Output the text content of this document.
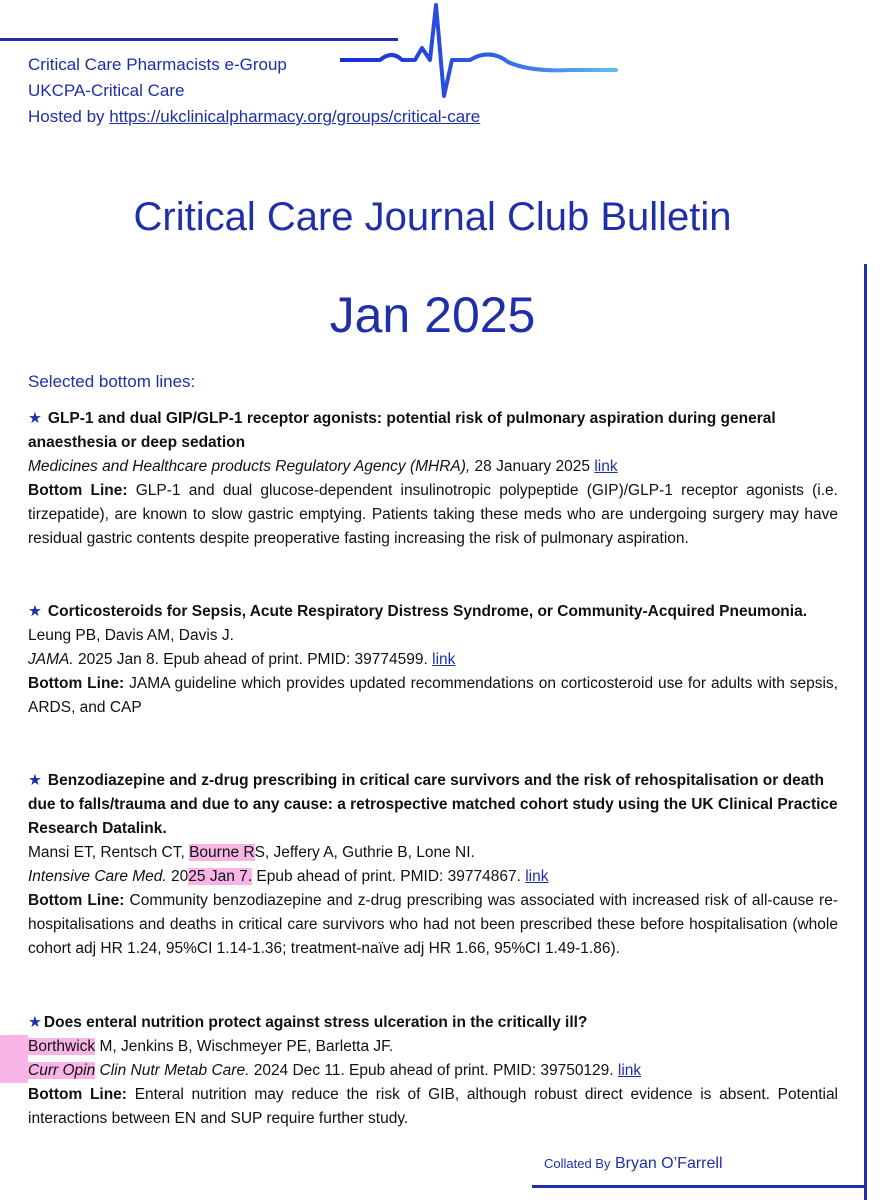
Critical Care Pharmacists e-Group
UKCPA-Critical Care
Hosted by https://ukclinicalpharmacy.org/groups/critical-care
Critical Care Journal Club Bulletin
Jan 2025
Selected bottom lines:
★ GLP-1 and dual GIP/GLP-1 receptor agonists: potential risk of pulmonary aspiration during general anaesthesia or deep sedation
Medicines and Healthcare products Regulatory Agency (MHRA), 28 January 2025 link
Bottom Line: GLP-1 and dual glucose-dependent insulinotropic polypeptide (GIP)/GLP-1 receptor agonists (i.e. tirzepatide), are known to slow gastric emptying. Patients taking these meds who are undergoing surgery may have residual gastric contents despite preoperative fasting increasing the risk of pulmonary aspiration.
★ Corticosteroids for Sepsis, Acute Respiratory Distress Syndrome, or Community-Acquired Pneumonia.
Leung PB, Davis AM, Davis J.
JAMA. 2025 Jan 8. Epub ahead of print. PMID: 39774599. link
Bottom Line: JAMA guideline which provides updated recommendations on corticosteroid use for adults with sepsis, ARDS, and CAP
★ Benzodiazepine and z-drug prescribing in critical care survivors and the risk of rehospitalisation or death due to falls/trauma and due to any cause: a retrospective matched cohort study using the UK Clinical Practice Research Datalink.
Mansi ET, Rentsch CT, Bourne RS, Jeffery A, Guthrie B, Lone NI.
Intensive Care Med. 2025 Jan 7. Epub ahead of print. PMID: 39774867. link
Bottom Line: Community benzodiazepine and z-drug prescribing was associated with increased risk of all-cause re-hospitalisations and deaths in critical care survivors who had not been prescribed these before hospitalisation (whole cohort adj HR 1.24, 95%CI 1.14-1.36; treatment-naïve adj HR 1.66, 95%CI 1.49-1.86).
★ Does enteral nutrition protect against stress ulceration in the critically ill?
Borthwick M, Jenkins B, Wischmeyer PE, Barletta JF.
Curr Opin Clin Nutr Metab Care. 2024 Dec 11. Epub ahead of print. PMID: 39750129. link
Bottom Line: Enteral nutrition may reduce the risk of GIB, although robust direct evidence is absent. Potential interactions between EN and SUP require further study.
Collated By Bryan O’Farrell
